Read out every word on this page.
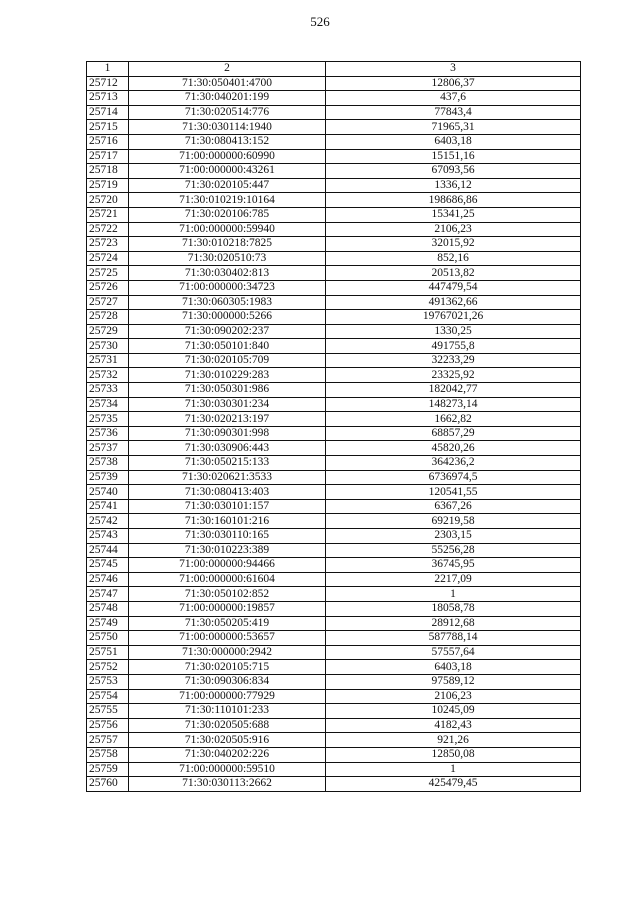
526
1	2	3
25712	71:30:050401:4700	12806,37
25713	71:30:040201:199	437,6
25714	71:30:020514:776	77843,4
25715	71:30:030114:1940	71965,31
25716	71:30:080413:152	6403,18
25717	71:00:000000:60990	15151,16
25718	71:00:000000:43261	67093,56
25719	71:30:020105:447	1336,12
25720	71:30:010219:10164	198686,86
25721	71:30:020106:785	15341,25
25722	71:00:000000:59940	2106,23
25723	71:30:010218:7825	32015,92
25724	71:30:020510:73	852,16
25725	71:30:030402:813	20513,82
25726	71:00:000000:34723	447479,54
25727	71:30:060305:1983	491362,66
25728	71:30:000000:5266	19767021,26
25729	71:30:090202:237	1330,25
25730	71:30:050101:840	491755,8
25731	71:30:020105:709	32233,29
25732	71:30:010229:283	23325,92
25733	71:30:050301:986	182042,77
25734	71:30:030301:234	148273,14
25735	71:30:020213:197	1662,82
25736	71:30:090301:998	68857,29
25737	71:30:030906:443	45820,26
25738	71:30:050215:133	364236,2
25739	71:30:020621:3533	6736974,5
25740	71:30:080413:403	120541,55
25741	71:30:030101:157	6367,26
25742	71:30:160101:216	69219,58
25743	71:30:030110:165	2303,15
25744	71:30:010223:389	55256,28
25745	71:00:000000:94466	36745,95
25746	71:00:000000:61604	2217,09
25747	71:30:050102:852	1
25748	71:00:000000:19857	18058,78
25749	71:30:050205:419	28912,68
25750	71:00:000000:53657	587788,14
25751	71:30:000000:2942	57557,64
25752	71:30:020105:715	6403,18
25753	71:30:090306:834	97589,12
25754	71:00:000000:77929	2106,23
25755	71:30:110101:233	10245,09
25756	71:30:020505:688	4182,43
25757	71:30:020505:916	921,26
25758	71:30:040202:226	12850,08
25759	71:00:000000:59510	1
25760	71:30:030113:2662	425479,45
